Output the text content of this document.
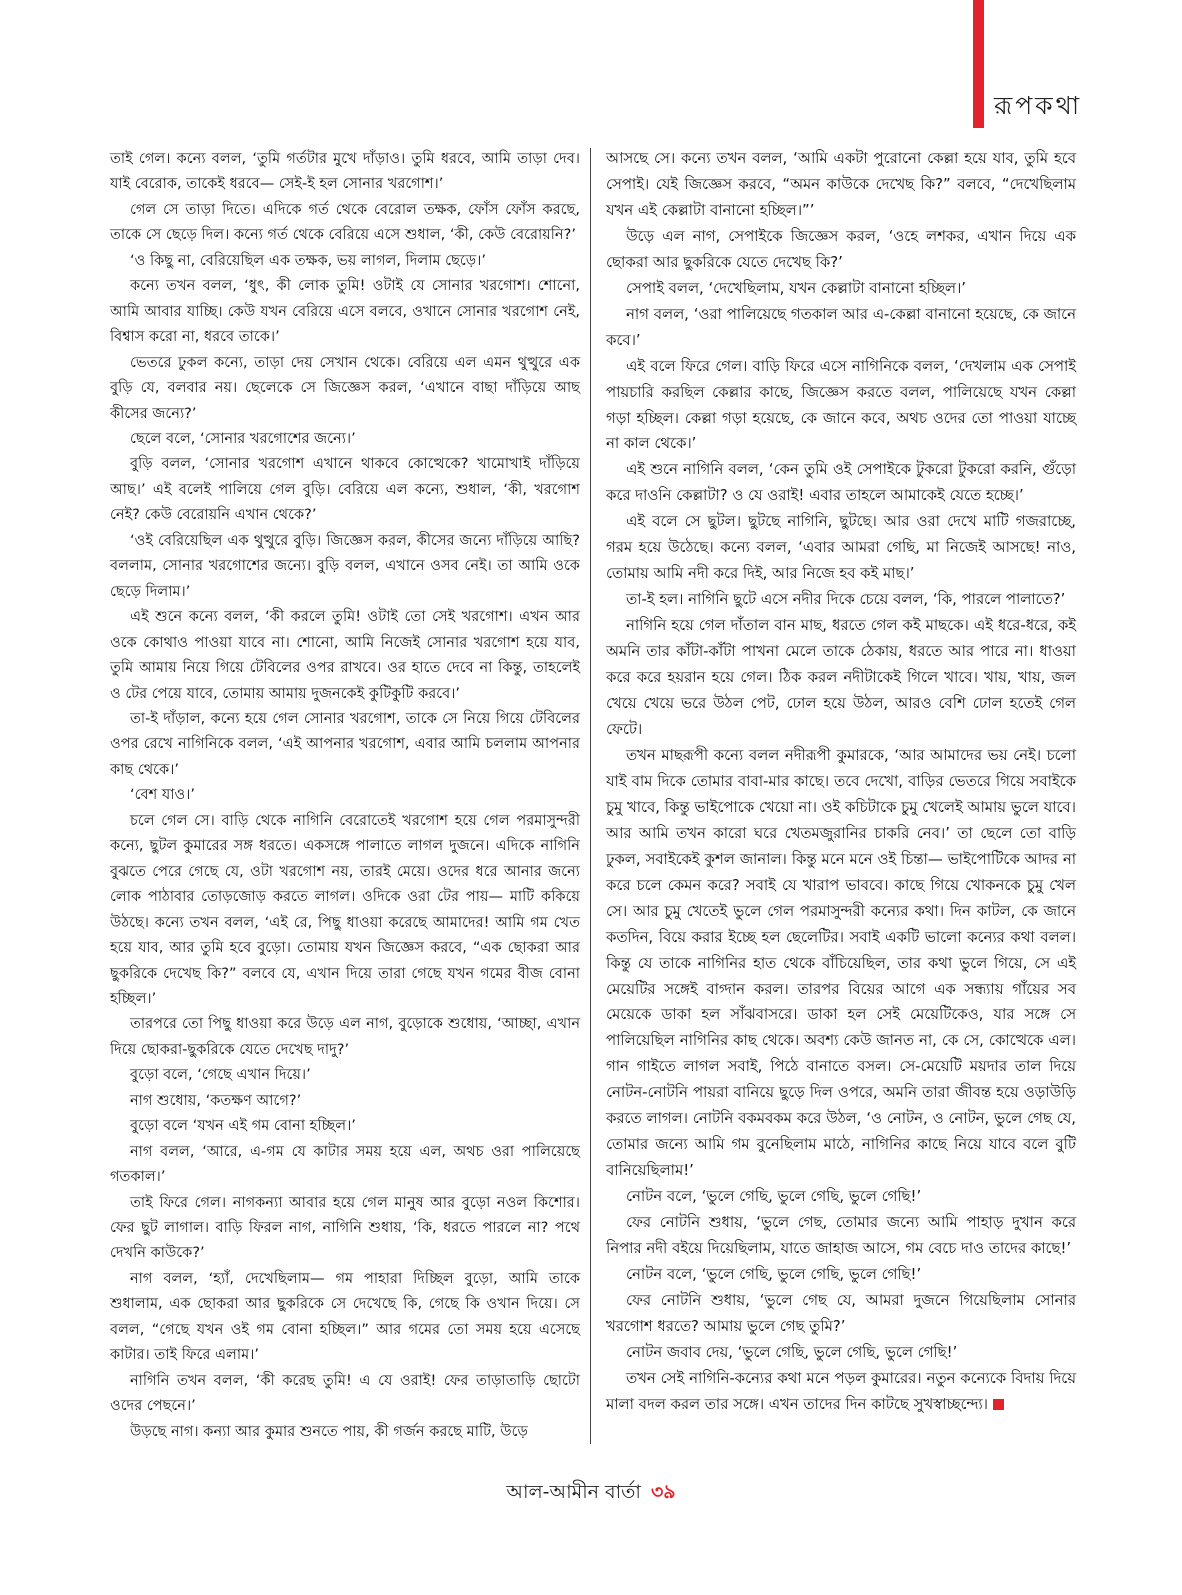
রূপকথা

তাই গেল। কন্যে বলল, ‘তুমি গর্তটার মুখে দাঁড়াও। তুমি ধরবে, আমি তাড়া দেব। যাই বেরোক, তাকেই ধরবে— সেই-ই হল সোনার খরগোশ।’

গেল সে তাড়া দিতে। এদিকে গর্ত থেকে বেরোল তক্ষক, ফোঁস ফোঁস করছে, তাকে সে ছেড়ে দিল। কন্যে গর্ত থেকে বেরিয়ে এসে শুধাল, ‘কী, কেউ বেরোয়নি?’

‘ও কিছু না, বেরিয়েছিল এক তক্ষক, ভয় লাগল, দিলাম ছেড়ে।’

কন্যে তখন বলল, ‘ধুৎ, কী লোক তুমি! ওটাই যে সোনার খরগোশ। শোনো, আমি আবার যাচ্ছি। কেউ যখন বেরিয়ে এসে বলবে, ওখানে সোনার খরগোশ নেই, বিশ্বাস করো না, ধরবে তাকে।’

ভেতরে ঢুকল কন্যে, তাড়া দেয় সেখান থেকে। বেরিয়ে এল এমন থুত্থুরে এক বুড়ি যে, বলবার নয়। ছেলেকে সে জিজ্ঞেস করল, ‘এখানে বাছা দাঁড়িয়ে আছ কীসের জন্যে?’

ছেলে বলে, ‘সোনার খরগোশের জন্যে।’

বুড়ি বলল, ‘সোনার খরগোশ এখানে থাকবে কোত্থেকে? খামোখাই দাঁড়িয়ে আছ।’ এই বলেই পালিয়ে গেল বুড়ি। বেরিয়ে এল কন্যে, শুধাল, ‘কী, খরগোশ নেই? কেউ বেরোয়নি এখান থেকে?’

‘ওই বেরিয়েছিল এক থুত্থুরে বুড়ি। জিজ্ঞেস করল, কীসের জন্যে দাঁড়িয়ে আছি? বললাম, সোনার খরগোশের জন্যে। বুড়ি বলল, এখানে ওসব নেই। তা আমি ওকে ছেড়ে দিলাম।’

এই শুনে কন্যে বলল, ‘কী করলে তুমি! ওটাই তো সেই খরগোশ। এখন আর ওকে কোথাও পাওয়া যাবে না। শোনো, আমি নিজেই সোনার খরগোশ হয়ে যাব, তুমি আমায় নিয়ে গিয়ে টেবিলের ওপর রাখবে। ওর হাতে দেবে না কিন্তু, তাহলেই ও টের পেয়ে যাবে, তোমায় আমায় দুজনকেই কুটিকুটি করবে।’

তা-ই দাঁড়াল, কন্যে হয়ে গেল সোনার খরগোশ, তাকে সে নিয়ে গিয়ে টেবিলের ওপর রেখে নাগিনিকে বলল, ‘এই আপনার খরগোশ, এবার আমি চললাম আপনার কাছ থেকে।’

‘বেশ যাও।’

চলে গেল সে। বাড়ি থেকে নাগিনি বেরোতেই খরগোশ হয়ে গেল পরমাসুন্দরী কন্যে, ছুটল কুমারের সঙ্গ ধরতে। একসঙ্গে পালাতে লাগল দুজনে। এদিকে নাগিনি বুঝতে পেরে গেছে যে, ওটা খরগোশ নয়, তারই মেয়ে। ওদের ধরে আনার জন্যে লোক পাঠাবার তোড়জোড় করতে লাগল। ওদিকে ওরা টের পায়— মাটি ককিয়ে উঠছে। কন্যে তখন বলল, ‘এই রে, পিছু ধাওয়া করেছে আমাদের! আমি গম খেত হয়ে যাব, আর তুমি হবে বুড়ো। তোমায় যখন জিজ্ঞেস করবে, “এক ছোকরা আর ছুকরিকে দেখেছ কি?” বলবে যে, এখান দিয়ে তারা গেছে যখন গমের বীজ বোনা হচ্ছিল।’

তারপরে তো পিছু ধাওয়া করে উড়ে এল নাগ, বুড়োকে শুধোয়, ‘আচ্ছা, এখান দিয়ে ছোকরা-ছুকরিকে যেতে দেখেছ দাদু?’

বুড়ো বলে, ‘গেছে এখান দিয়ে।’

নাগ শুধোয়, ‘কতক্ষণ আগে?’

বুড়ো বলে ‘যখন এই গম বোনা হচ্ছিল।’

নাগ বলল, ‘আরে, এ-গম যে কাটার সময় হয়ে এল, অথচ ওরা পালিয়েছে গতকাল।’

তাই ফিরে গেল। নাগকন্যা আবার হয়ে গেল মানুষ আর বুড়ো নওল কিশোর। ফের ছুট লাগাল। বাড়ি ফিরল নাগ, নাগিনি শুধায়, ‘কি, ধরতে পারলে না? পথে দেখনি কাউকে?’

নাগ বলল, ‘হ্যাঁ, দেখেছিলাম— গম পাহারা দিচ্ছিল বুড়ো, আমি তাকে শুধালাম, এক ছোকরা আর ছুকরিকে সে দেখেছে কি, গেছে কি ওখান দিয়ে। সে বলল, “গেছে যখন ওই গম বোনা হচ্ছিল।” আর গমের তো সময় হয়ে এসেছে কাটার। তাই ফিরে এলাম।’

নাগিনি তখন বলল, ‘কী করেছ তুমি! এ যে ওরাই! ফের তাড়াতাড়ি ছোটো ওদের পেছনে।’

উড়ছে নাগ। কন্যা আর কুমার শুনতে পায়, কী গর্জন করছে মাটি, উড়ে

আসছে সে। কন্যে তখন বলল, ‘আমি একটা পুরোনো কেল্লা হয়ে যাব, তুমি হবে সেপাই। যেই জিজ্ঞেস করবে, “অমন কাউকে দেখেছ কি?” বলবে, “দেখেছিলাম যখন এই কেল্লাটা বানানো হচ্ছিল।”’

উড়ে এল নাগ, সেপাইকে জিজ্ঞেস করল, ‘ওহে লশকর, এখান দিয়ে এক ছোকরা আর ছুকরিকে যেতে দেখেছ কি?’

সেপাই বলল, ‘দেখেছিলাম, যখন কেল্লাটা বানানো হচ্ছিল।’

নাগ বলল, ‘ওরা পালিয়েছে গতকাল আর এ-কেল্লা বানানো হয়েছে, কে জানে কবে।’

এই বলে ফিরে গেল। বাড়ি ফিরে এসে নাগিনিকে বলল, ‘দেখলাম এক সেপাই পায়চারি করছিল কেল্লার কাছে, জিজ্ঞেস করতে বলল, পালিয়েছে যখন কেল্লা গড়া হচ্ছিল। কেল্লা গড়া হয়েছে, কে জানে কবে, অথচ ওদের তো পাওয়া যাচ্ছে না কাল থেকে।’

এই শুনে নাগিনি বলল, ‘কেন তুমি ওই সেপাইকে টুকরো টুকরো করনি, গুঁড়ো করে দাওনি কেল্লাটা? ও যে ওরাই! এবার তাহলে আমাকেই যেতে হচ্ছে।’

এই বলে সে ছুটল। ছুটছে নাগিনি, ছুটছে। আর ওরা দেখে মাটি গজরাচ্ছে, গরম হয়ে উঠেছে। কন্যে বলল, ‘এবার আমরা গেছি, মা নিজেই আসছে! নাও, তোমায় আমি নদী করে দিই, আর নিজে হব কই মাছ।’

তা-ই হল। নাগিনি ছুটে এসে নদীর দিকে চেয়ে বলল, ‘কি, পারলে পালাতে?’

নাগিনি হয়ে গেল দাঁতাল বান মাছ, ধরতে গেল কই মাছকে। এই ধরে-ধরে, কই অমনি তার কাঁটা-কাঁটা পাখনা মেলে তাকে ঠেকায়, ধরতে আর পারে না। ধাওয়া করে করে হয়রান হয়ে গেল। ঠিক করল নদীটাকেই গিলে খাবে। খায়, খায়, জল খেয়ে খেয়ে ভরে উঠল পেট, ঢোল হয়ে উঠল, আরও বেশি ঢোল হতেই গেল ফেটে।

তখন মাছরূপী কন্যে বলল নদীরূপী কুমারকে, ‘আর আমাদের ভয় নেই। চলো যাই বাম দিকে তোমার বাবা-মার কাছে। তবে দেখো, বাড়ির ভেতরে গিয়ে সবাইকে চুমু খাবে, কিন্তু ভাইপোকে খেয়ো না। ওই কচিটাকে চুমু খেলেই আমায় ভুলে যাবে। আর আমি তখন কারো ঘরে খেতমজুরানির চাকরি নেব।’ তা ছেলে তো বাড়ি ঢুকল, সবাইকেই কুশল জানাল। কিন্তু মনে মনে ওই চিন্তা— ভাইপোটিকে আদর না করে চলে কেমন করে? সবাই যে খারাপ ভাববে। কাছে গিয়ে খোকনকে চুমু খেল সে। আর চুমু খেতেই ভুলে গেল পরমাসুন্দরী কন্যের কথা। দিন কাটল, কে জানে কতদিন, বিয়ে করার ইচ্ছে হল ছেলেটির। সবাই একটি ভালো কন্যের কথা বলল। কিন্তু যে তাকে নাগিনির হাত থেকে বাঁচিয়েছিল, তার কথা ভুলে গিয়ে, সে এই মেয়েটির সঙ্গেই বাগ্দান করল। তারপর বিয়ের আগে এক সন্ধ্যায় গাঁয়ের সব মেয়েকে ডাকা হল সাঁঝবাসরে। ডাকা হল সেই মেয়েটিকেও, যার সঙ্গে সে পালিয়েছিল নাগিনির কাছ থেকে। অবশ্য কেউ জানত না, কে সে, কোত্থেকে এল। গান গাইতে লাগল সবাই, পিঠে বানাতে বসল। সে-মেয়েটি ময়দার তাল দিয়ে নোটন-নোটনি পায়রা বানিয়ে ছুড়ে দিল ওপরে, অমনি তারা জীবন্ত হয়ে ওড়াউড়ি করতে লাগল। নোটনি বকমবকম করে উঠল, ‘ও নোটন, ও নোটন, ভুলে গেছ যে, তোমার জন্যে আমি গম বুনেছিলাম মাঠে, নাগিনির কাছে নিয়ে যাবে বলে বুটি বানিয়েছিলাম!’

নোটন বলে, ‘ভুলে গেছি, ভুলে গেছি, ভুলে গেছি!’

ফের নোটনি শুধায়, ‘ভুলে গেছ, তোমার জন্যে আমি পাহাড় দুখান করে নিপার নদী বইয়ে দিয়েছিলাম, যাতে জাহাজ আসে, গম বেচে দাও তাদের কাছে!’

নোটন বলে, ‘ভুলে গেছি, ভুলে গেছি, ভুলে গেছি!’

ফের নোটনি শুধায়, ‘ভুলে গেছ যে, আমরা দুজনে গিয়েছিলাম সোনার খরগোশ ধরতে? আমায় ভুলে গেছ তুমি?’

নোটন জবাব দেয়, ‘ভুলে গেছি, ভুলে গেছি, ভুলে গেছি!’

তখন সেই নাগিনি-কন্যের কথা মনে পড়ল কুমারের। নতুন কন্যেকে বিদায় দিয়ে মালা বদল করল তার সঙ্গে। এখন তাদের দিন কাটছে সুখস্বাচ্ছন্দ্যে।

আল-আমীন বার্তা ৩৯
